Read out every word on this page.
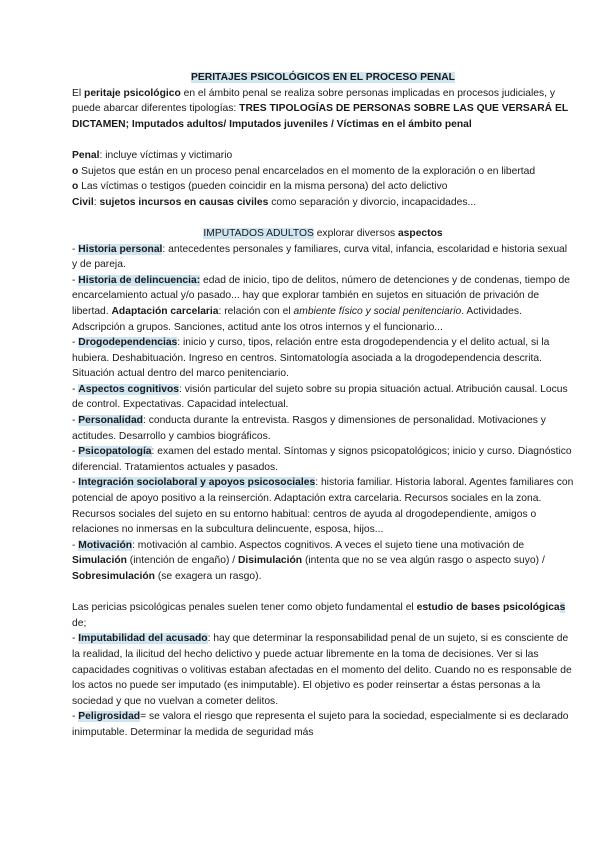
PERITAJES PSICOLÓGICOS EN EL PROCESO PENAL

El peritaje psicológico en el ámbito penal se realiza sobre personas implicadas en procesos judiciales, y puede abarcar diferentes tipologías: TRES TIPOLOGÍAS DE PERSONAS SOBRE LAS QUE VERSARÁ EL DICTAMEN; Imputados adultos/ Imputados juveniles / Víctimas en el ámbito penal

Penal: incluye víctimas y victimario

o Sujetos que están en un proceso penal encarcelados en el momento de la exploración o en libertad

o Las víctimas o testigos (pueden coincidir en la misma persona) del acto delictivo

Civil: sujetos incursos en causas civiles como separación y divorcio, incapacidades...

IMPUTADOS ADULTOS explorar diversos aspectos

- Historia personal: antecedentes personales y familiares, curva vital, infancia, escolaridad e historia sexual y de pareja.

- Historia de delincuencia: edad de inicio, tipo de delitos, número de detenciones y de condenas, tiempo de encarcelamiento actual y/o pasado... hay que explorar también en sujetos en situación de privación de libertad. Adaptación carcelaria: relación con el ambiente físico y social penitenciario. Actividades. Adscripción a grupos. Sanciones, actitud ante los otros internos y el funcionario...

- Drogodependencias: inicio y curso, tipos, relación entre esta drogodependencia y el delito actual, si la hubiera. Deshabituación. Ingreso en centros. Sintomatología asociada a la drogodependencia descrita. Situación actual dentro del marco penitenciario.

- Aspectos cognitivos: visión particular del sujeto sobre su propia situación actual. Atribución causal. Locus de control. Expectativas. Capacidad intelectual.

- Personalidad: conducta durante la entrevista. Rasgos y dimensiones de personalidad. Motivaciones y actitudes. Desarrollo y cambios biográficos.

- Psicopatología: examen del estado mental. Síntomas y signos psicopatológicos; inicio y curso. Diagnóstico diferencial. Tratamientos actuales y pasados.

- Integración sociolaboral y apoyos psicosociales: historia familiar. Historia laboral. Agentes familiares con potencial de apoyo positivo a la reinserción. Adaptación extra carcelaria. Recursos sociales en la zona. Recursos sociales del sujeto en su entorno habitual: centros de ayuda al drogodependiente, amigos o relaciones no inmersas en la subcultura delincuente, esposa, hijos...

- Motivación: motivación al cambio. Aspectos cognitivos. A veces el sujeto tiene una motivación de Simulación (intención de engaño) / Disimulación (intenta que no se vea algún rasgo o aspecto suyo) / Sobresimulación (se exagera un rasgo).

Las pericias psicológicas penales suelen tener como objeto fundamental el estudio de bases psicológicas de;

- Imputabilidad del acusado: hay que determinar la responsabilidad penal de un sujeto, si es consciente de la realidad, la ilicitud del hecho delictivo y puede actuar libremente en la toma de decisiones. Ver si las capacidades cognitivas o volitivas estaban afectadas en el momento del delito. Cuando no es responsable de los actos no puede ser imputado (es inimputable). El objetivo es poder reinsertar a éstas personas a la sociedad y que no vuelvan a cometer delitos.

- Peligrosidad= se valora el riesgo que representa el sujeto para la sociedad, especialmente si es declarado inimputable. Determinar la medida de seguridad más
